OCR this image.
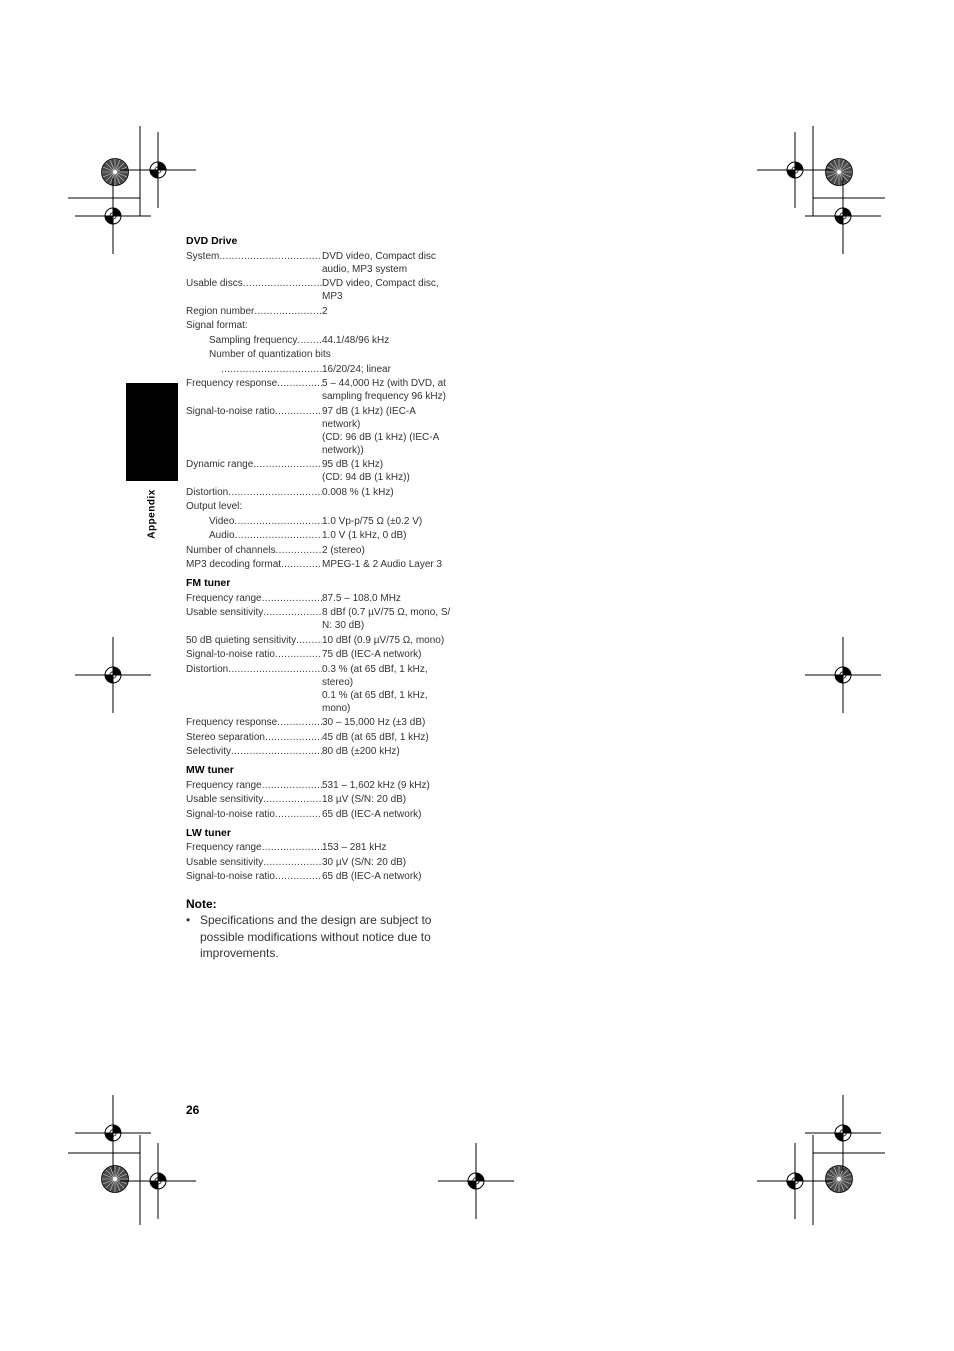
Appendix
DVD Drive
System .....	DVD video, Compact disc
audio, MP3 system
Usable discs .....	DVD video, Compact disc,
MP3
Region number .....	2
Signal format:
Sampling frequency ..... 44.1/48/96 kHz
Number of quantization bits
.....
16/20/24; linear
Frequency response .....	5 – 44,000 Hz (with DVD, at
sampling frequency 96 kHz)
Signal-to-noise ratio .....	97 dB (1 kHz) (IEC-A
network)
(CD: 96 dB (1 kHz) (IEC-A
network))
Dynamic range .....	95 dB (1 kHz)
(CD: 94 dB (1 kHz))
Distortion .....	0.008 % (1 kHz)
Output level:
Video .....	1.0 Vp-p/75 Ω (±0.2 V)
Audio .....	1.0 V (1 kHz, 0 dB)
Number of channels .....	2 (stereo)
MP3 decoding format .....	MPEG-1 & 2 Audio Layer 3
FM tuner
Frequency range .....	87.5 – 108.0 MHz
Usable sensitivity .....	8 dBf (0.7 µV/75 Ω, mono, S/
N: 30 dB)
50 dB quieting sensitivity .....	10 dBf (0.9 µV/75 Ω, mono)
Signal-to-noise ratio .....	75 dB (IEC-A network)
Distortion .....	0.3 % (at 65 dBf, 1 kHz,
stereo)
0.1 % (at 65 dBf, 1 kHz,
mono)
Frequency response .....	30 – 15,000 Hz (±3 dB)
Stereo separation .....	45 dB (at 65 dBf, 1 kHz)
Selectivity .....	80 dB (±200 kHz)
MW tuner
Frequency range .....	531 – 1,602 kHz (9 kHz)
Usable sensitivity .....	18 µV (S/N: 20 dB)
Signal-to-noise ratio .....	65 dB (IEC-A network)
LW tuner
Frequency range .....	153 – 281 kHz
Usable sensitivity .....	30 µV (S/N: 20 dB)
Signal-to-noise ratio .....	65 dB (IEC-A network)
Note:
• Specifications and the design are subject to possible modifications without notice due to improvements.
26
